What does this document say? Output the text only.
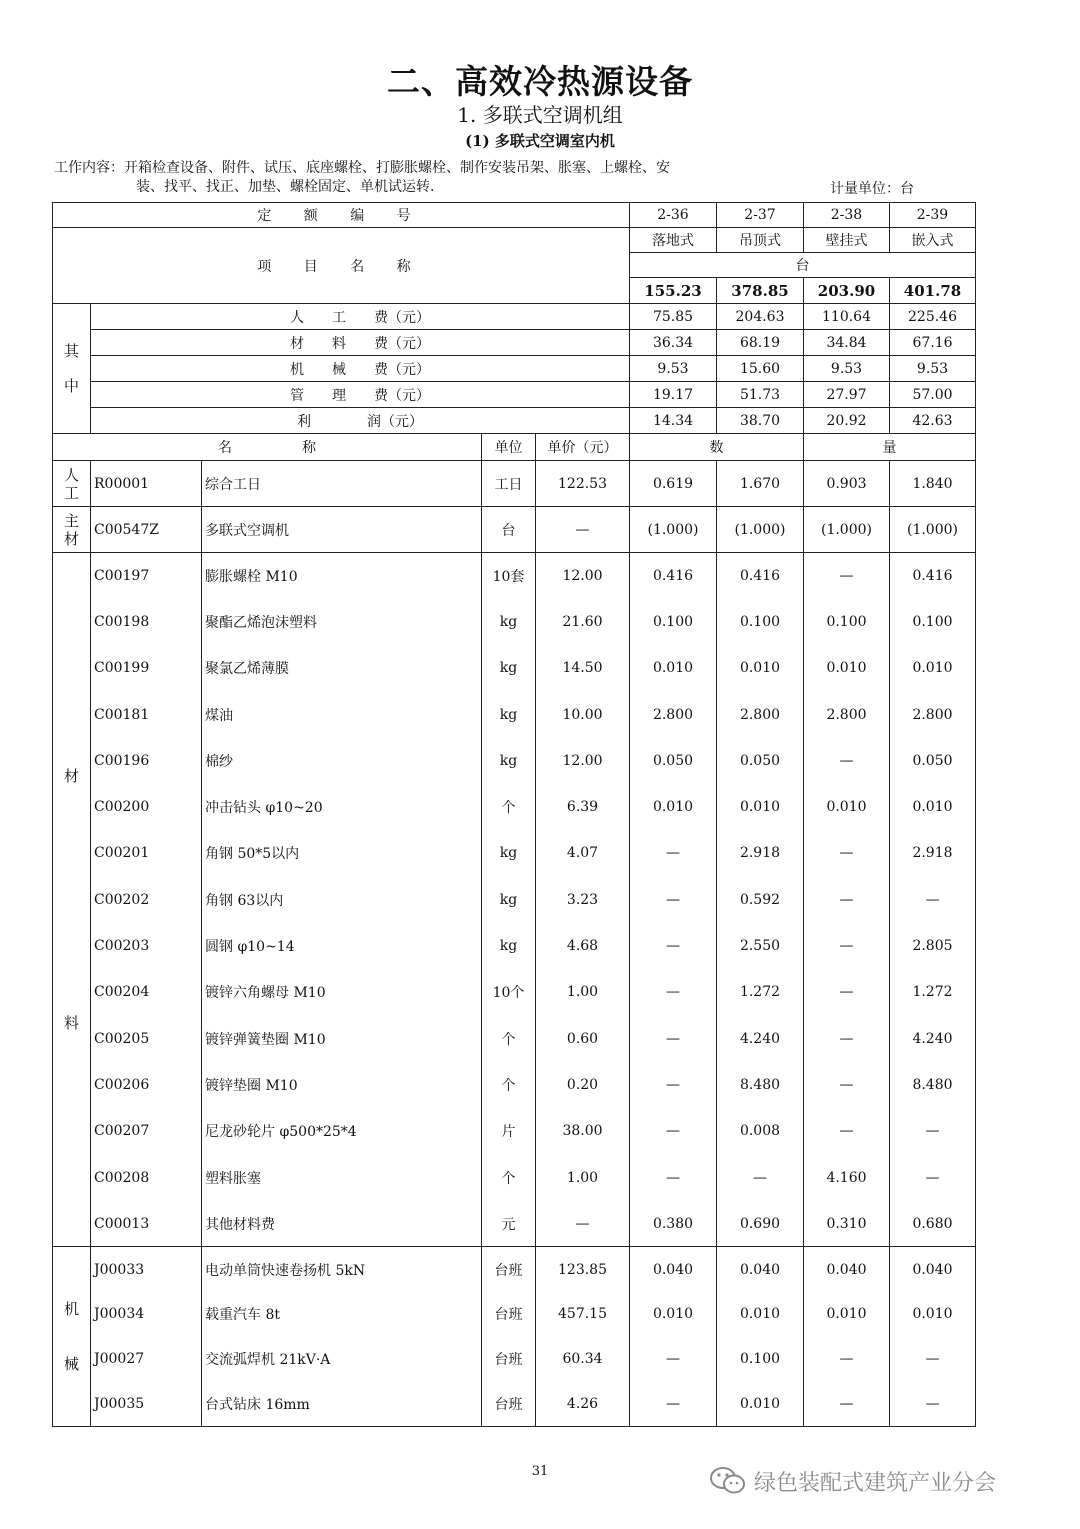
二、高效冷热源设备
1. 多联式空调机组
(1) 多联式空调室内机
工作内容：开箱检查设备、附件、试压、底座螺栓、打膨胀螺栓、制作安装吊架、胀塞、上螺栓、安
装、找平、找正、加垫、螺栓固定、单机试运转.	计量单位：台
定 额 编 号					2-36	2-37	2-38	2-39
项 目 名 称					落地式	吊顶式	壁挂式	嵌入式
					台			
					155.23	378.85	203.90	401.78

其
中	人　　工　　费（元）				75.85	204.63	110.64	225.46
	材　　料　　费（元）				36.34	68.19	34.84	67.16
	机　　械　　费（元）				9.53	15.60	9.53	9.53
	管　　理　　费（元）				19.17	51.73	27.97	57.00
	利　　　　润（元）				14.34	38.70	20.92	42.63
名　　　　　称			单位	单价（元）	数		量	

人
工	R00001	综合工日	工日	122.53	0.619	1.670	0.903	1.840

主
材	C00547Z	多联式空调机	台	—	(1.000)	(1.000)	(1.000)	(1.000)

材
料	C00197	膨胀螺栓 M10	10套	12.00	0.416	0.416	—	0.416
	C00198	聚酯乙烯泡沫塑料	kg	21.60	0.100	0.100	0.100	0.100
	C00199	聚氯乙烯薄膜	kg	14.50	0.010	0.010	0.010	0.010
	C00181	煤油	kg	10.00	2.800	2.800	2.800	2.800
	C00196	棉纱	kg	12.00	0.050	0.050	—	0.050
	C00200	冲击钻头 φ10~20	个	6.39	0.010	0.010	0.010	0.010
	C00201	角钢 50*5以内	kg	4.07	—	2.918	—	2.918
	C00202	角钢 63以内	kg	3.23	—	0.592	—	—
	C00203	圆钢 φ10~14	kg	4.68	—	2.550	—	2.805
	C00204	镀锌六角螺母 M10	10个	1.00	—	1.272	—	1.272
	C00205	镀锌弹簧垫圈 M10	个	0.60	—	4.240	—	4.240
	C00206	镀锌垫圈 M10	个	0.20	—	8.480	—	8.480
	C00207	尼龙砂轮片 φ500*25*4	片	38.00	—	0.008	—	—
	C00208	塑料胀塞	个	1.00	—	—	4.160	—
	C00013	其他材料费	元	—	0.380	0.690	0.310	0.680

机
械	J00033	电动单筒快速卷扬机 5kN	台班	123.85	0.040	0.040	0.040	0.040
	J00034	载重汽车 8t	台班	457.15	0.010	0.010	0.010	0.010
	J00027	交流弧焊机 21kV·A	台班	60.34	—	0.100	—	—
	J00035	台式钻床 16mm	台班	4.26	—	0.010	—	—
31	绿色装配式建筑产业分会
